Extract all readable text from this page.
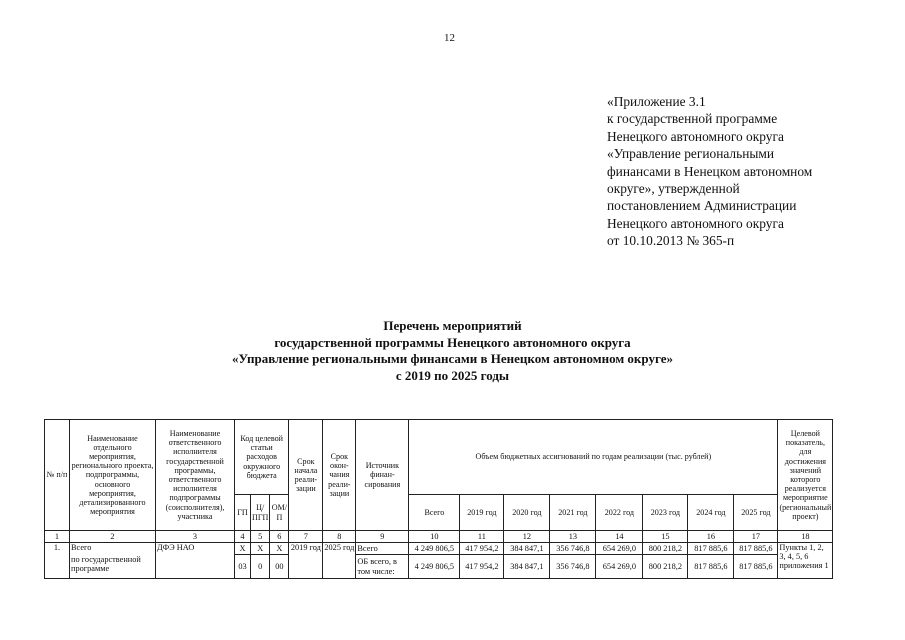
12
«Приложение 3.1
к государственной программе
Ненецкого автономного округа
«Управление региональными
финансами в Ненецком автономном
округе», утвержденной
постановлением Администрации
Ненецкого автономного округа
от 10.10.2013 № 365-п
Перечень мероприятий
государственной программы Ненецкого автономного округа
«Управление региональными финансами в Ненецком автономном округе»
с 2019 по 2025 годы
№ п/п	Наименование отдельного мероприятия, регионального проекта, подпрограммы, основного мероприятия, детализированного мероприятия	Наименование ответственного исполнителя государственной программы, ответственного исполнителя подпрограммы (соисполнителя), участника	Код целевой статьи расходов окружного бюджета			Срок начала реали- зации	Срок окон- чания реали- зации	Источник финан- сирования	Объем бюджетных ассигнований по годам реализации (тыс. рублей)								Целевой показатель, для достижения значений которого реализуется мероприятие (региональный проект)
			ГП	Ц/ ПГП	ОМ/ П				Всего	2019 год	2020 год	2021 год	2022 год	2023 год	2024 год	2025 год	

1	2	3	4	5	6	7	8	9	10	11	12	13	14	15	16	17	18
1.	Всего	ДФЭ НАО	Х	Х	Х	2019 год	2025 год	Всего	4 249 806,5	417 954,2	384 847,1	356 746,8	654 269,0	800 218,2	817 885,6	817 885,6	Пункты 1, 2, 3, 4, 5, 6 приложения 1
	по государственной программе		03	0	00			ОБ всего, в том числе:	4 249 806,5	417 954,2	384 847,1	356 746,8	654 269,0	800 218,2	817 885,6	817 885,6	
